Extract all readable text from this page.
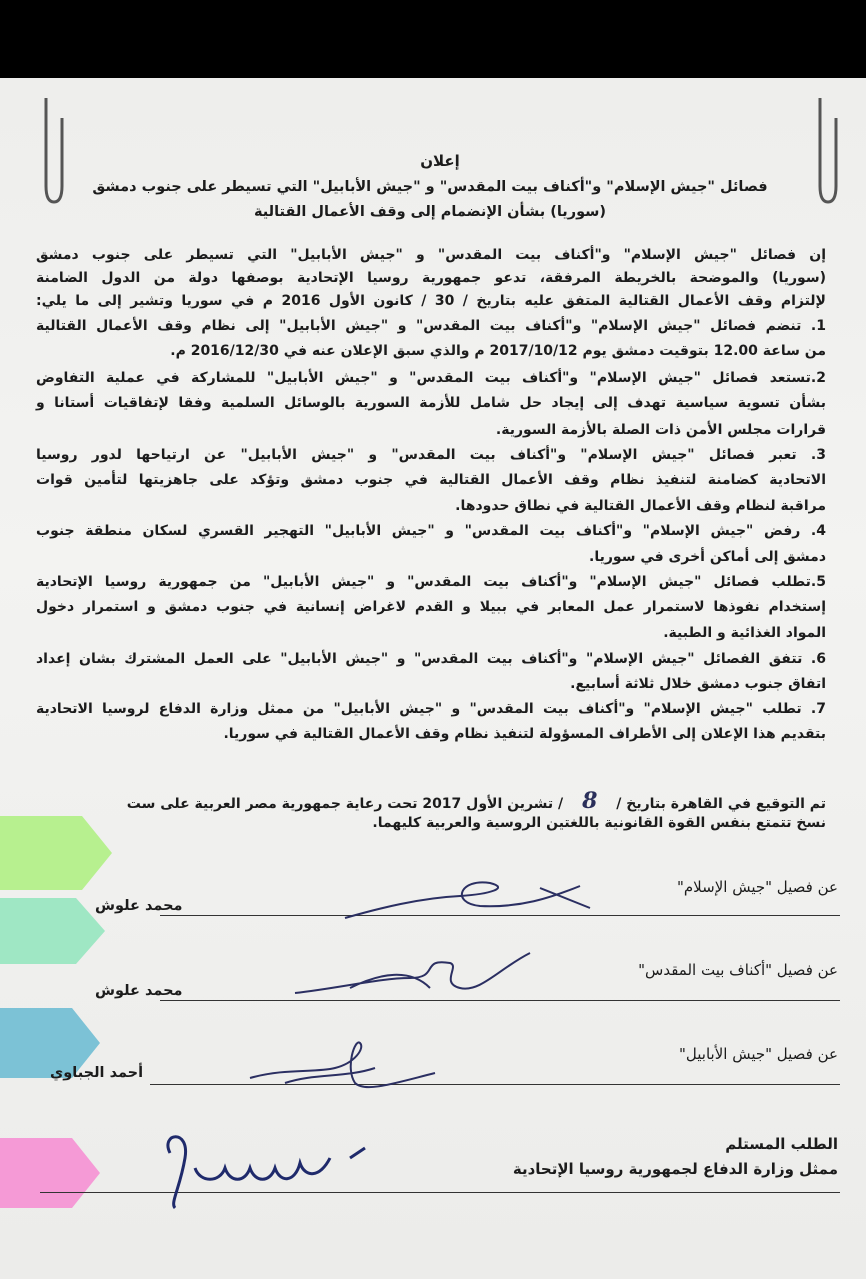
إعلان

فصائل "جيش الإسلام" و"أكناف بيت المقدس" و "جيش الأبابيل" التي تسيطر على جنوب دمشق

(سوريا) بشأن الإنضمام إلى وقف الأعمال القتالية

إن فصائل "جيش الإسلام" و"أكناف بيت المقدس" و "جيش الأبابيل" التي تسيطر على جنوب دمشق

(سوريا) والموضحة بالخريطة المرفقة، تدعو جمهورية روسيا الإتحادية بوصفها دولة من الدول الضامنة

لإلتزام وقف الأعمال القتالية المتفق عليه بتاريخ / 30 / كانون الأول 2016 م في سوريا وتشير إلى ما يلي:

1. تنضم فصائل "جيش الإسلام" و"أكناف بيت المقدس" و "جيش الأبابيل" إلى نظام وقف الأعمال القتالية

من ساعة 12.00 بتوقيت دمشق يوم 2017/10/12 م والذي سبق الإعلان عنه في 2016/12/30 م.

2.تستعد فصائل "جيش الإسلام" و"أكناف بيت المقدس" و "جيش الأبابيل" للمشاركة في عملية التفاوض

بشأن تسوية سياسية تهدف إلى إيجاد حل شامل للأزمة السورية بالوسائل السلمية وفقا لإتفاقيات أستانا و

قرارات مجلس الأمن ذات الصلة بالأزمة السورية.

3. تعبر فصائل "جيش الإسلام" و"أكناف بيت المقدس" و "جيش الأبابيل" عن ارتياحها لدور روسيا

الاتحادية كضامنة لتنفيذ نظام وقف الأعمال القتالية في جنوب دمشق وتؤكد على جاهزيتها لتأمين قوات

مراقبة لنظام وقف الأعمال القتالية في نطاق حدودها.

4. رفض "جيش الإسلام" و"أكناف بيت المقدس" و "جيش الأبابيل" التهجير القسري لسكان منطقة جنوب

دمشق إلى أماكن أخرى في سوريا.

5.تطلب فصائل "جيش الإسلام" و"أكناف بيت المقدس" و "جيش الأبابيل" من جمهورية روسيا الإتحادية

إستخدام نفوذها لاستمرار عمل المعابر في ببيلا و القدم لاغراض إنسانية في جنوب دمشق و استمرار دخول

المواد الغذائية و الطبية.

6. تتفق الفصائل "جيش الإسلام" و"أكناف بيت المقدس" و "جيش الأبابيل" على العمل المشترك بشان إعداد

اتفاق جنوب دمشق خلال ثلاثة أسابيع.

7. تطلب "جيش الإسلام" و"أكناف بيت المقدس" و "جيش الأبابيل" من ممثل وزارة الدفاع لروسيا الاتحادية

بتقديم هذا الإعلان إلى الأطراف المسؤولة لتنفيذ نظام وقف الأعمال القتالية في سوريا.

تم التوقيع في القاهرة بتاريخ / 8 / تشرين الأول 2017 تحت رعاية جمهورية مصر العربية على ست

نسخ تتمتع بنفس القوة القانونية باللغتين الروسية والعربية كليهما.

عن فصيل "جيش الإسلام"

محمد علوش

عن فصيل "أكناف بيت المقدس"

محمد علوش

عن فصيل "جيش الأبابيل"

أحمد الجباوي

الطلب المستلم

ممثل وزارة الدفاع لجمهورية روسيا الإتحادية
